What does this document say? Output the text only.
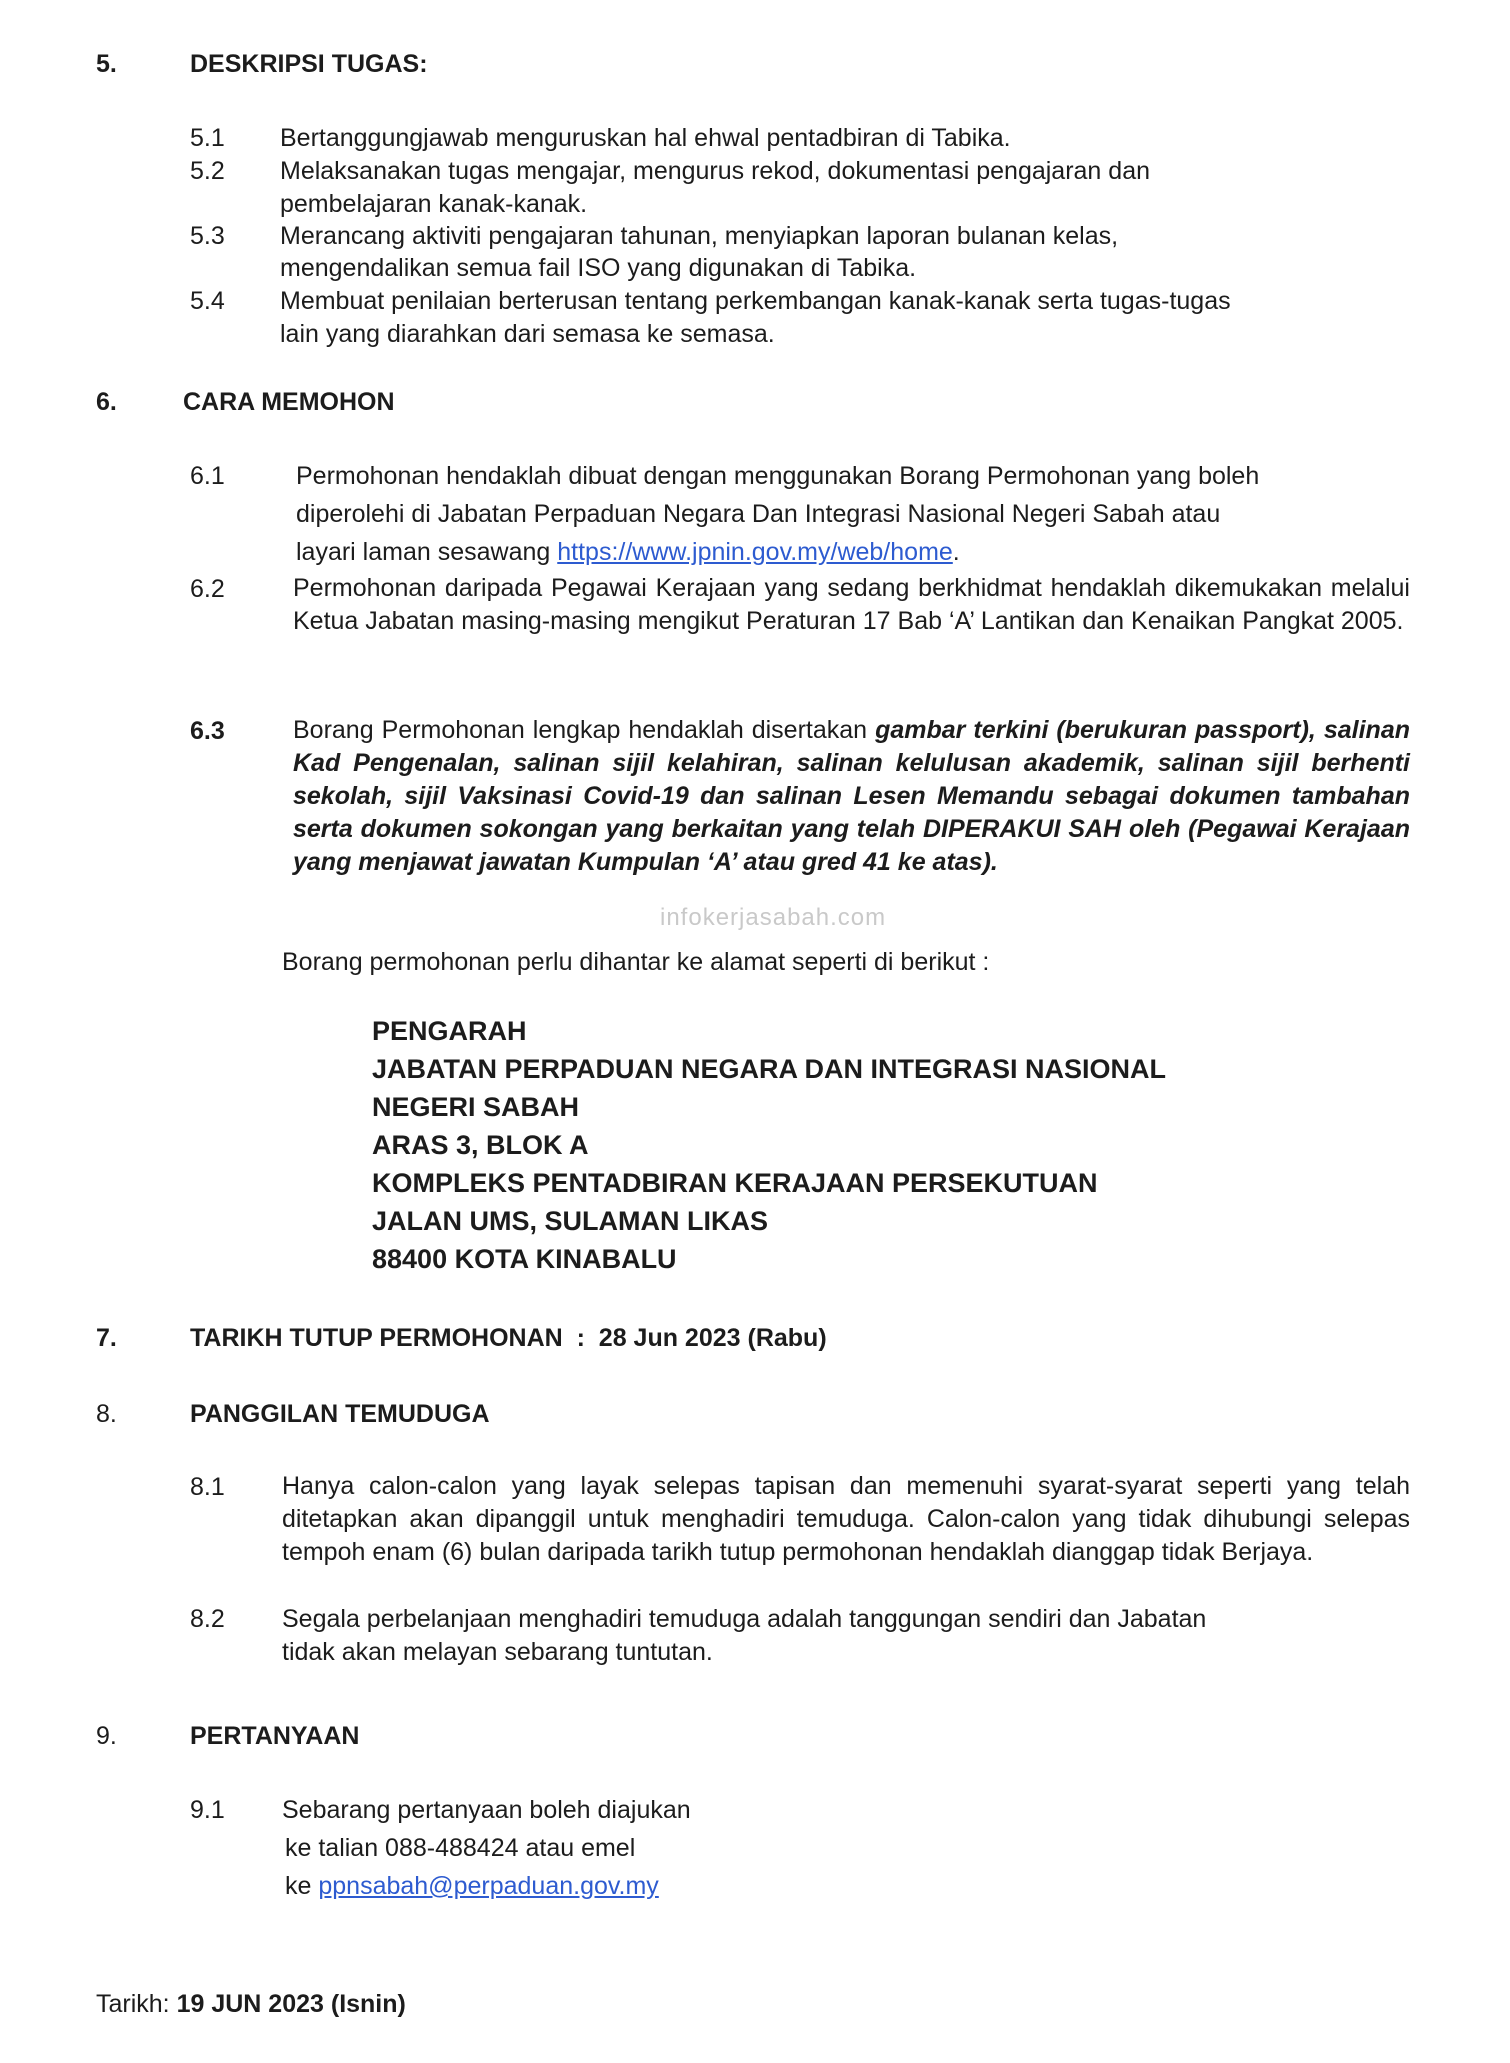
5.	DESKRIPSI TUGAS:
5.1 Bertanggungjawab menguruskan hal ehwal pentadbiran di Tabika.
5.2 Melaksanakan tugas mengajar, mengurus rekod, dokumentasi pengajaran dan
pembelajaran kanak-kanak.
5.3 Merancang aktiviti pengajaran tahunan, menyiapkan laporan bulanan kelas,
mengendalikan semua fail ISO yang digunakan di Tabika.
5.4 Membuat penilaian berterusan tentang perkembangan kanak-kanak serta tugas-tugas
lain yang diarahkan dari semasa ke semasa.
6.	CARA MEMOHON
6.1	Permohonan hendaklah dibuat dengan menggunakan Borang Permohonan yang boleh
diperolehi di Jabatan Perpaduan Negara Dan Integrasi Nasional Negeri Sabah atau
layari laman sesawang https://www.jpnin.gov.my/web/home.
6.2	Permohonan daripada Pegawai Kerajaan yang sedang berkhidmat hendaklah dikemukakan melalui Ketua Jabatan masing-masing mengikut Peraturan 17 Bab ‘A’ Lantikan dan Kenaikan Pangkat 2005.
6.3	Borang Permohonan lengkap hendaklah disertakan gambar terkini (berukuran passport), salinan Kad Pengenalan, salinan sijil kelahiran, salinan kelulusan akademik, salinan sijil berhenti sekolah, sijil Vaksinasi Covid-19 dan salinan Lesen Memandu sebagai dokumen tambahan serta dokumen sokongan yang berkaitan yang telah DIPERAKUI SAH oleh (Pegawai Kerajaan yang menjawat jawatan Kumpulan ‘A’ atau gred 41 ke atas).
infokerjasabah.com
Borang permohonan perlu dihantar ke alamat seperti di berikut :
PENGARAH
JABATAN PERPADUAN NEGARA DAN INTEGRASI NASIONAL
NEGERI SABAH
ARAS 3, BLOK A
KOMPLEKS PENTADBIRAN KERAJAAN PERSEKUTUAN
JALAN UMS, SULAMAN LIKAS
88400 KOTA KINABALU
7.	TARIKH TUTUP PERMOHONAN  :  28 Jun 2023 (Rabu)
8.	PANGGILAN TEMUDUGA
8.1 Hanya calon-calon yang layak selepas tapisan dan memenuhi syarat-syarat seperti yang telah ditetapkan akan dipanggil untuk menghadiri temuduga. Calon-calon yang tidak dihubungi selepas tempoh enam (6) bulan daripada tarikh tutup permohonan hendaklah dianggap tidak Berjaya.
8.2 Segala perbelanjaan menghadiri temuduga adalah tanggungan sendiri dan Jabatan
tidak akan melayan sebarang tuntutan.
9.	PERTANYAAN
9.1 Sebarang pertanyaan boleh diajukan
ke talian 088-488424 atau emel
ke ppnsabah@perpaduan.gov.my
Tarikh: 19 JUN 2023 (Isnin)
